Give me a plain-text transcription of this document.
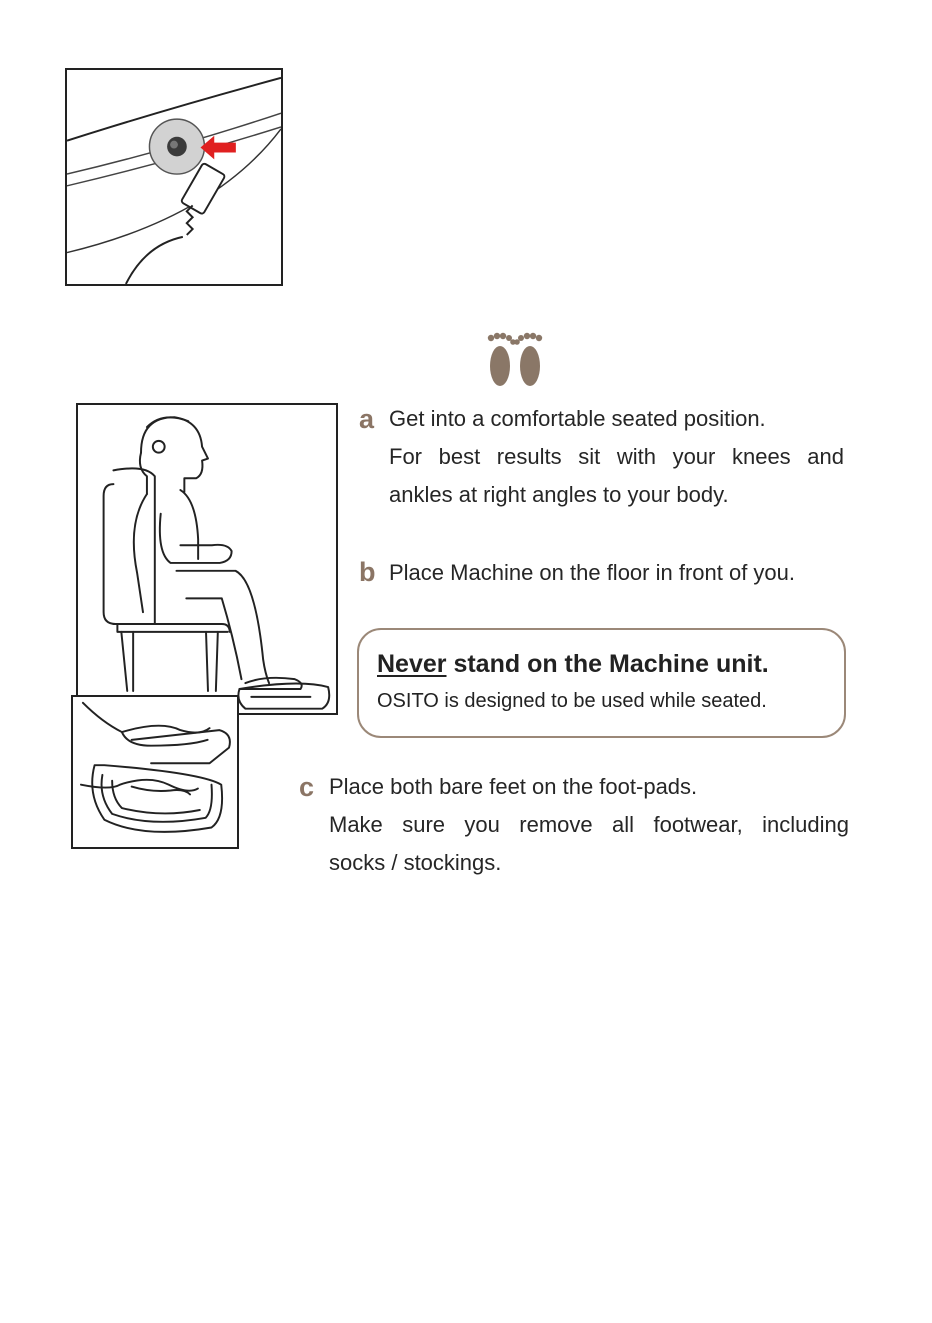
a Get into a comfortable seated position.
For best results sit with your knees and
ankles at right angles to your body.
b Place Machine on the floor in front of you.
Never stand on the Machine unit.
OSITO is designed to be used while seated.
c Place both bare feet on the foot-pads.
Make sure you remove all footwear, including
socks / stockings.
